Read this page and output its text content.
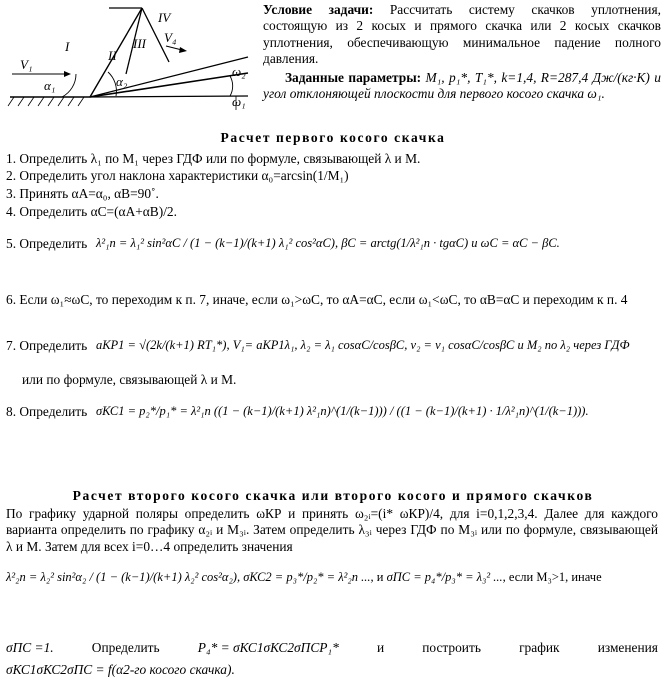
I
II
III
IV
V₁
V₄
α₁	α₂
ω₂
ω₁
Условие задачи: Рассчитать систему скачков уплотнения, состоящую из 2 косых и прямого скачка или 2 косых скачков уплотнения, обеспечивающую минимальное падение полного давления.
Заданные параметры: M₁, p₁*, T₁*, k=1,4, R=287,4 Дж/(кг·К) и угол отклоняющей плоскости для первого косого скачка ω₁.
Расчет первого косого скачка
1. Определить λ₁ по M₁ через ГДФ или по формуле, связывающей λ и M.
2. Определить угол наклона характеристики α₀=arcsin(1/M₁)
3. Принять αA=α₀, αB=90˚.
4. Определить αC=(αA+αB)/2.
5. Определить λ²₁n = λ₁² sin²αC / (1 − (k−1)/(k+1) λ₁² cos²αC), βC = arctg(1/λ²₁n · tgαC) и ωC = αC − βC.
6. Если ω₁≈ωC, то переходим к п. 7, иначе, если ω₁>ωC, то αA=αC, если ω₁<ωC, то αB=αC и переходим к п. 4
7. Определить aКР1 = √(2k/(k+1) RT₁*), V₁= aКР1λ₁, λ₂ = λ₁ cosαC/cosβC, v₂ = v₁ cosαC/cosβC и M₂ по λ₂ через ГДФ
или по формуле, связывающей λ и M.
8. Определить σКС1 = p₂*/p₁* = λ²₁n ((1 − (k−1)/(k+1) λ²₁n)^(1/(k−1))) / ((1 − (k−1)/(k+1) · 1/λ²₁n)^(1/(k−1))).
Расчет второго косого скачка или второго косого и прямого скачков
По графику ударной поляры определить ωКР и принять ω₂ᵢ=(i* ωКР)/4, для i=0,1,2,3,4. Далее для каждого варианта определить по графику α₂ᵢ и M₃ᵢ. Затем определить λ₃ᵢ через ГДФ по M₃ᵢ или по формуле, связывающей λ и M. Затем для всех i=0…4 определить значения
λ²₂n = λ₂² sin²α₂ / (1 − (k−1)/(k+1) λ₂² cos²α₂), σКС2 = p₃*/p₂* = λ²₂n ..., и σПС = p₄*/p₃* = λ₃² ..., если M₃>1, иначе
σПС =1.	Определить	P₄* = σКС1σКС2σПСP₁*	и	построить	график	изменения
σКС1σКС2σПС = f(α2-го косого скачка).
